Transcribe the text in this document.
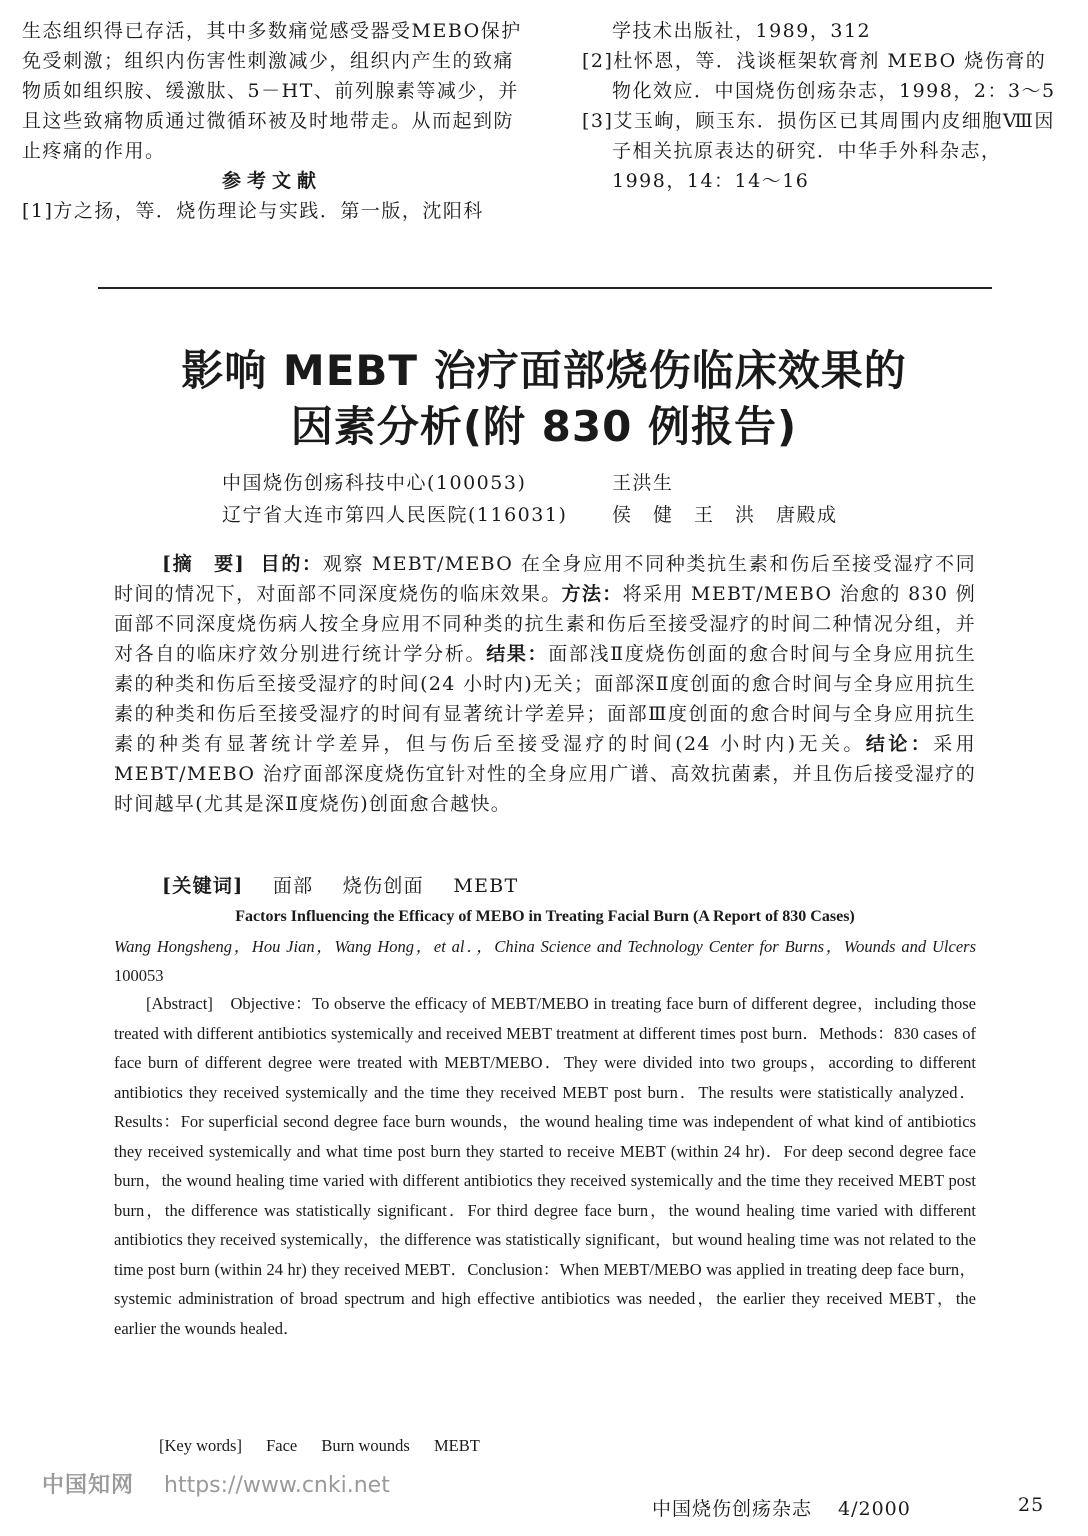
生态组织得已存活，其中多数痛觉感受器受MEBO保护免受刺激；组织内伤害性刺激减少，组织内产生的致痛物质如组织胺、缓激肽、5－HT、前列腺素等减少，并且这些致痛物质通过微循环被及时地带走。从而起到防止疼痛的作用。
参考文献
[1]方之扬，等．烧伤理论与实践．第一版，沈阳科
学技术出版社，1989，312
[2]杜怀恩，等．浅谈框架软膏剂 MEBO 烧伤膏的物化效应．中国烧伤创疡杂志，1998，2：3～5
[3]艾玉峋，顾玉东．损伤区已其周围内皮细胞Ⅷ因子相关抗原表达的研究．中华手外科杂志，1998，14：14～16
影响 MEBT 治疗面部烧伤临床效果的
因素分析(附 830 例报告)
中国烧伤创疡科技中心(100053)	王洪生
辽宁省大连市第四人民医院(116031) 侯　健　王　洪　唐殿成

[摘　要] 目的：观察 MEBT/MEBO 在全身应用不同种类抗生素和伤后至接受湿疗不同时间的情况下，对面部不同深度烧伤的临床效果。方法：将采用 MEBT/MEBO 治愈的 830 例面部不同深度烧伤病人按全身应用不同种类的抗生素和伤后至接受湿疗的时间二种情况分组，并对各自的临床疗效分别进行统计学分析。结果：面部浅Ⅱ度烧伤创面的愈合时间与全身应用抗生素的种类和伤后至接受湿疗的时间(24 小时内)无关；面部深Ⅱ度创面的愈合时间与全身应用抗生素的种类和伤后至接受湿疗的时间有显著统计学差异；面部Ⅲ度创面的愈合时间与全身应用抗生素的种类有显著统计学差异，但与伤后至接受湿疗的时间(24 小时内)无关。结论：采用 MEBT/MEBO 治疗面部深度烧伤宜针对性的全身应用广谱、高效抗菌素，并且伤后接受湿疗的时间越早(尤其是深Ⅱ度烧伤)创面愈合越快。

[关键词] 面部 烧伤创面 MEBT
Factors Influencing the Efficacy of MEBO in Treating Facial Burn (A Report of 830 Cases)
Wang Hongsheng，Hou Jian，Wang Hong，et al．，China Science and Technology Center for Burns，Wounds and Ulcers 100053

[Abstract]　Objective：To observe the efficacy of MEBT/MEBO in treating face burn of different degree，including those treated with different antibiotics systemically and received MEBT treatment at different times post burn．Methods：830 cases of face burn of different degree were treated with MEBT/MEBO．They were divided into two groups，according to different antibiotics they received systemically and the time they received MEBT post burn．The results were statistically analyzed．Results：For superficial second degree face burn wounds，the wound healing time was independent of what kind of antibiotics they received systemically and what time post burn they started to receive MEBT (within 24 hr)．For deep second degree face burn，the wound healing time varied with different antibiotics they received systemically and the time they received MEBT post burn，the difference was statistically significant．For third degree face burn，the wound healing time varied with different antibiotics they received systemically，the difference was statistically significant，but wound healing time was not related to the time post burn (within 24 hr) they received MEBT．Conclusion：When MEBT/MEBO was applied in treating deep face burn，systemic administration of broad spectrum and high effective antibiotics was needed，the earlier they received MEBT，the earlier the wounds healed．

[Key words] Face Burn wounds MEBT
中国知网 https://www.cnki.net
中国烧伤创疡杂志 4/2000	25
